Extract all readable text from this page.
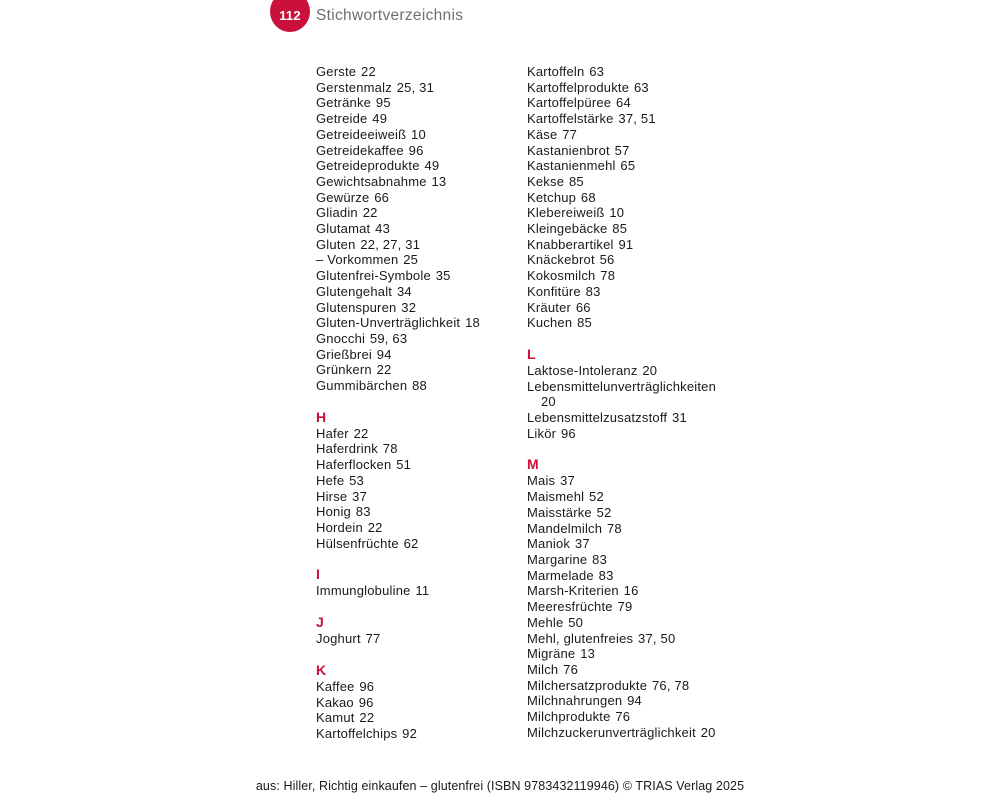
112 Stichwortverzeichnis
Gerste 22
Gerstenmalz 25, 31
Getränke 95
Getreide 49
Getreideeiweiß 10
Getreidekaffee 96
Getreideprodukte 49
Gewichtsabnahme 13
Gewürze 66
Gliadin 22
Glutamat 43
Gluten 22, 27, 31
– Vorkommen 25
Glutenfrei-Symbole 35
Glutengehalt 34
Glutenspuren 32
Gluten-Unverträglichkeit 18
Gnocchi 59, 63
Grießbrei 94
Grünkern 22
Gummibärchen 88
H
Hafer 22
Haferdrink 78
Haferflocken 51
Hefe 53
Hirse 37
Honig 83
Hordein 22
Hülsenfrüchte 62
I
Immunglobuline 11
J
Joghurt 77
K
Kaffee 96
Kakao 96
Kamut 22
Kartoffelchips 92
Kartoffeln 63
Kartoffelprodukte 63
Kartoffelpüree 64
Kartoffelstärke 37, 51
Käse 77
Kastanienbrot 57
Kastanienmehl 65
Kekse 85
Ketchup 68
Klebereiweiß 10
Kleingebäcke 85
Knabberartikel 91
Knäckebrot 56
Kokosmilch 78
Konfitüre 83
Kräuter 66
Kuchen 85
L
Laktose-Intoleranz 20
Lebensmittelunverträglichkeiten 20
Lebensmittelzusatzstoff 31
Likör 96
M
Mais 37
Maismehl 52
Maisstärke 52
Mandelmilch 78
Maniok 37
Margarine 83
Marmelade 83
Marsh-Kriterien 16
Meeresfrüchte 79
Mehle 50
Mehl, glutenfreies 37, 50
Migräne 13
Milch 76
Milchersatzprodukte 76, 78
Milchnahrungen 94
Milchprodukte 76
Milchzuckerunverträglichkeit 20
aus: Hiller, Richtig einkaufen – glutenfrei (ISBN 9783432119946) © TRIAS Verlag 2025
